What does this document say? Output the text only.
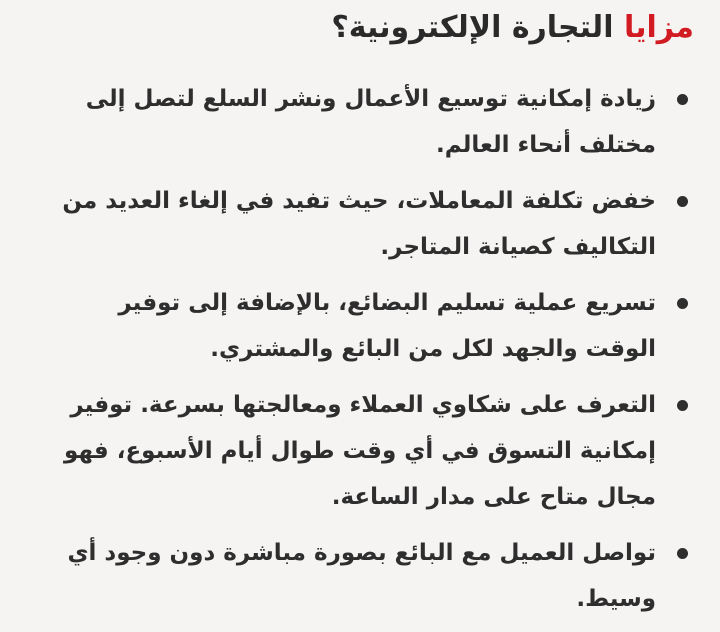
مزايا التجارة الإلكترونية؟
زيادة إمكانية توسيع الأعمال ونشر السلع لتصل إلى مختلف أنحاء العالم.
خفض تكلفة المعاملات، حيث تفيد في إلغاء العديد من التكاليف كصيانة المتاجر.
تسريع عملية تسليم البضائع، بالإضافة إلى توفير الوقت والجهد لكل من البائع والمشتري.
التعرف على شكاوي العملاء ومعالجتها بسرعة. توفير إمكانية التسوق في أي وقت طوال أيام الأسبوع، فهو مجال متاح على مدار الساعة.
تواصل العميل مع البائع بصورة مباشرة دون وجود أي وسيط.
